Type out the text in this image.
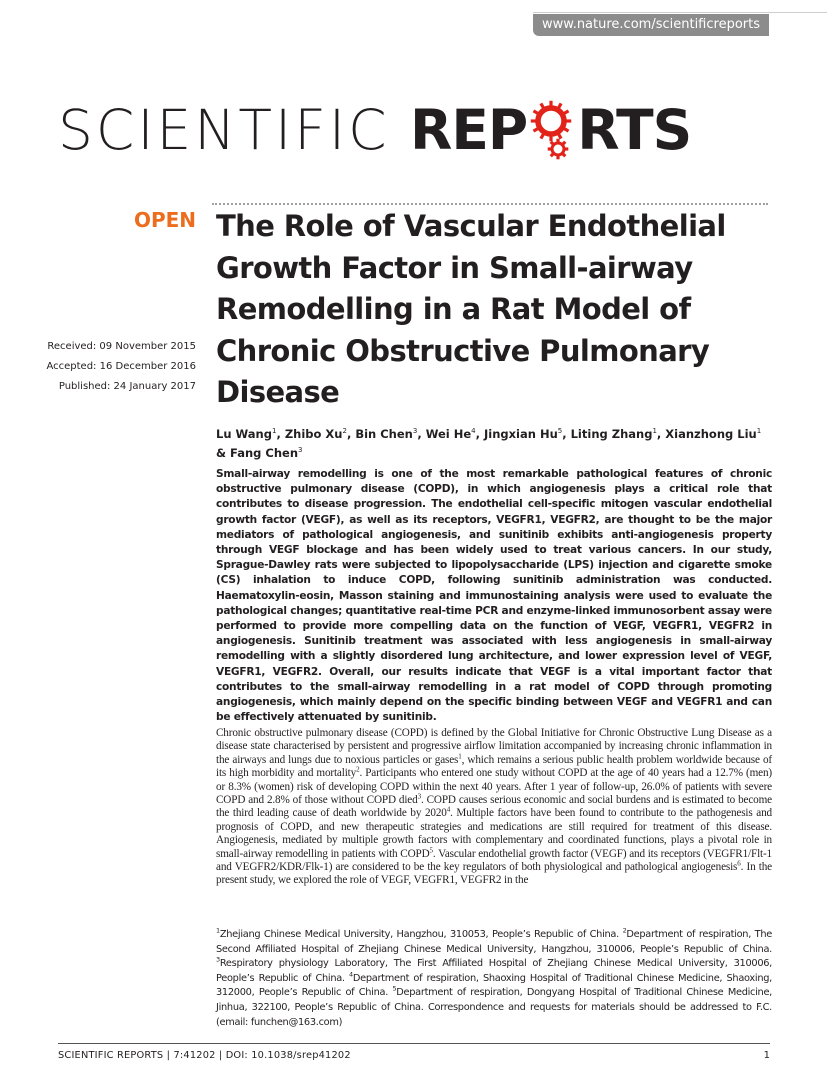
www.nature.com/scientificreports
SCIENTIFIC REP RTS
OPEN
Received: 09 November 2015
Accepted: 16 December 2016
Published: 24 January 2017
The Role of Vascular Endothelial Growth Factor in Small-airway Remodelling in a Rat Model of Chronic Obstructive Pulmonary Disease
Lu Wang$^1$, Zhibo Xu$^2$, Bin Chen$^3$, Wei He$^4$, Jingxian Hu$^5$, Liting Zhang$^1$, Xianzhong Liu$^1$ & Fang Chen$^3$
Small-airway remodelling is one of the most remarkable pathological features of chronic obstructive pulmonary disease (COPD), in which angiogenesis plays a critical role that contributes to disease progression. The endothelial cell-specific mitogen vascular endothelial growth factor (VEGF), as well as its receptors, VEGFR1, VEGFR2, are thought to be the major mediators of pathological angiogenesis, and sunitinib exhibits anti-angiogenesis property through VEGF blockage and has been widely used to treat various cancers. In our study, Sprague-Dawley rats were subjected to lipopolysaccharide (LPS) injection and cigarette smoke (CS) inhalation to induce COPD, following sunitinib administration was conducted. Haematoxylin-eosin, Masson staining and immunostaining analysis were used to evaluate the pathological changes; quantitative real-time PCR and enzyme-linked immunosorbent assay were performed to provide more compelling data on the function of VEGF, VEGFR1, VEGFR2 in angiogenesis. Sunitinib treatment was associated with less angiogenesis in small-airway remodelling with a slightly disordered lung architecture, and lower expression level of VEGF, VEGFR1, VEGFR2. Overall, our results indicate that VEGF is a vital important factor that contributes to the small-airway remodelling in a rat model of COPD through promoting angiogenesis, which mainly depend on the specific binding between VEGF and VEGFR1 and can be effectively attenuated by sunitinib.
Chronic obstructive pulmonary disease (COPD) is defined by the Global Initiative for Chronic Obstructive Lung Disease as a disease state characterised by persistent and progressive airflow limitation accompanied by increasing chronic inflammation in the airways and lungs due to noxious particles or gases$^1$, which remains a serious public health problem worldwide because of its high morbidity and mortality$^2$. Participants who entered one study without COPD at the age of 40 years had a 12.7% (men) or 8.3% (women) risk of developing COPD within the next 40 years. After 1 year of follow-up, 26.0% of patients with severe COPD and 2.8% of those without COPD died$^3$. COPD causes serious economic and social burdens and is estimated to become the third leading cause of death worldwide by 2020$^4$. Multiple factors have been found to contribute to the pathogenesis and prognosis of COPD, and new therapeutic strategies and medications are still required for treatment of this disease. Angiogenesis, mediated by multiple growth factors with complementary and coordinated functions, plays a pivotal role in small-airway remodelling in patients with COPD$^5$. Vascular endothelial growth factor (VEGF) and its receptors (VEGFR1/Flt-1 and VEGFR2/KDR/Flk-1) are considered to be the key regulators of both physiological and pathological angiogenesis$^6$. In the present study, we explored the role of VEGF, VEGFR1, VEGFR2 in the
$^1$Zhejiang Chinese Medical University, Hangzhou, 310053, People’s Republic of China. $^2$Department of respiration, The Second Affiliated Hospital of Zhejiang Chinese Medical University, Hangzhou, 310006, People’s Republic of China. $^3$Respiratory physiology Laboratory, The First Affiliated Hospital of Zhejiang Chinese Medical University, 310006, People’s Republic of China. $^4$Department of respiration, Shaoxing Hospital of Traditional Chinese Medicine, Shaoxing, 312000, People’s Republic of China. $^5$Department of respiration, Dongyang Hospital of Traditional Chinese Medicine, Jinhua, 322100, People’s Republic of China. Correspondence and requests for materials should be addressed to F.C. (email: funchen@163.com)
SCIENTIFIC REPORTS | 7:41202 | DOI: 10.1038/srep41202	1
